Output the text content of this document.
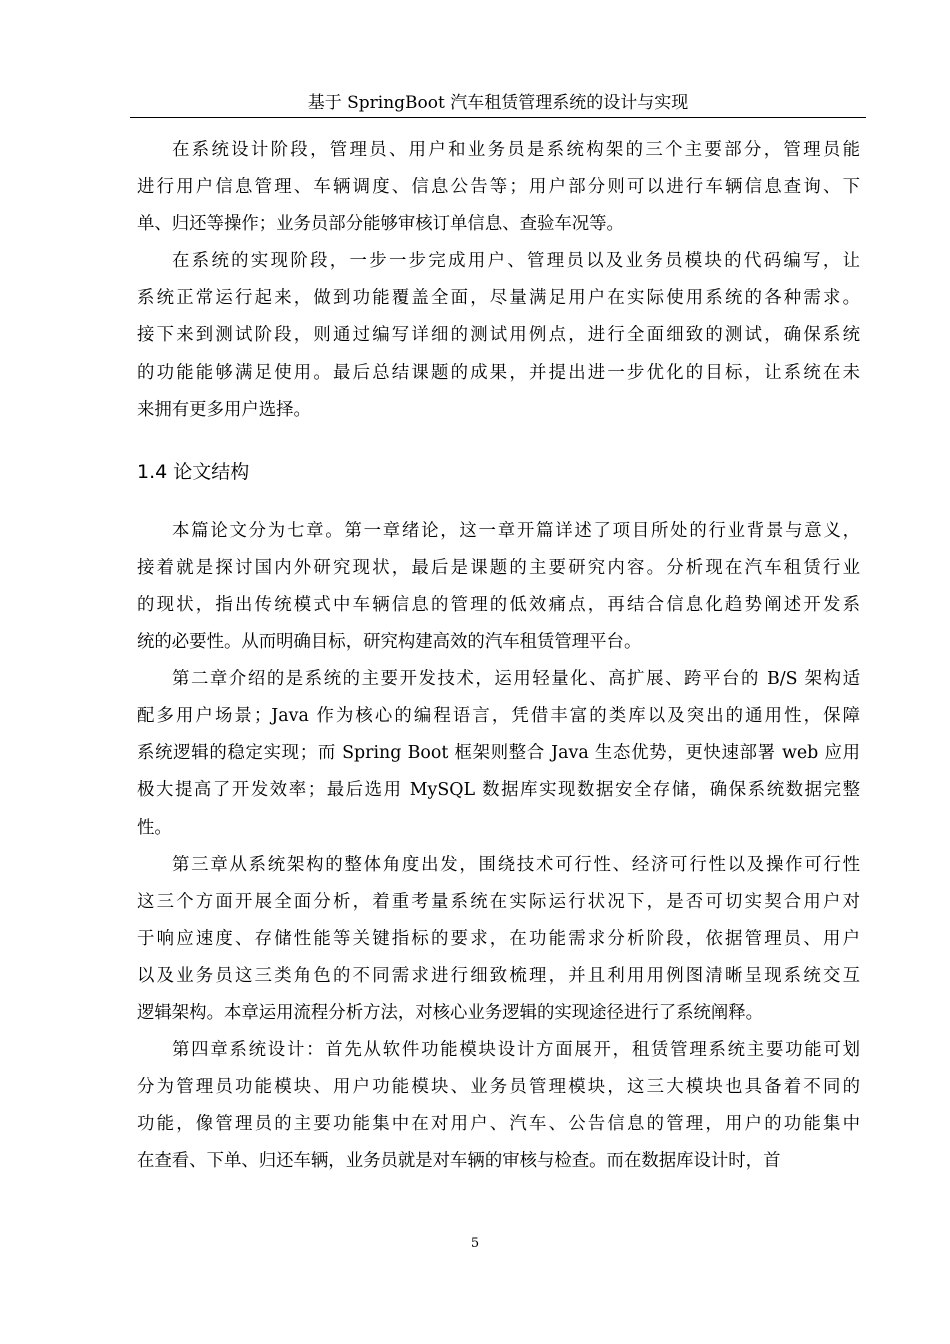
基于 SpringBoot 汽车租赁管理系统的设计与实现
在系统设计阶段，管理员、用户和业务员是系统构架的三个主要部分，管理员能
进行用户信息管理、车辆调度、信息公告等；用户部分则可以进行车辆信息查询、下
单、归还等操作；业务员部分能够审核订单信息、查验车况等。
在系统的实现阶段，一步一步完成用户、管理员以及业务员模块的代码编写，让
系统正常运行起来，做到功能覆盖全面，尽量满足用户在实际使用系统的各种需求。
接下来到测试阶段，则通过编写详细的测试用例点，进行全面细致的测试，确保系统
的功能能够满足使用。最后总结课题的成果，并提出进一步优化的目标，让系统在未
来拥有更多用户选择。
1.4 论文结构
本篇论文分为七章。第一章绪论，这一章开篇详述了项目所处的行业背景与意义，
接着就是探讨国内外研究现状，最后是课题的主要研究内容。分析现在汽车租赁行业
的现状，指出传统模式中车辆信息的管理的低效痛点，再结合信息化趋势阐述开发系
统的必要性。从而明确目标，研究构建高效的汽车租赁管理平台。
第二章介绍的是系统的主要开发技术，运用轻量化、高扩展、跨平台的 B/S 架构适
配多用户场景；Java 作为核心的编程语言，凭借丰富的类库以及突出的通用性，保障
系统逻辑的稳定实现；而 Spring Boot 框架则整合 Java 生态优势，更快速部署 web 应用
极大提高了开发效率；最后选用 MySQL 数据库实现数据安全存储，确保系统数据完整
性。
第三章从系统架构的整体角度出发，围绕技术可行性、经济可行性以及操作可行性
这三个方面开展全面分析，着重考量系统在实际运行状况下，是否可切实契合用户对
于响应速度、存储性能等关键指标的要求，在功能需求分析阶段，依据管理员、用户
以及业务员这三类角色的不同需求进行细致梳理，并且利用用例图清晰呈现系统交互
逻辑架构。本章运用流程分析方法，对核心业务逻辑的实现途径进行了系统阐释。
第四章系统设计：首先从软件功能模块设计方面展开，租赁管理系统主要功能可划
分为管理员功能模块、用户功能模块、业务员管理模块，这三大模块也具备着不同的
功能，像管理员的主要功能集中在对用户、汽车、公告信息的管理，用户的功能集中
在查看、下单、归还车辆，业务员就是对车辆的审核与检查。而在数据库设计时，首
5
